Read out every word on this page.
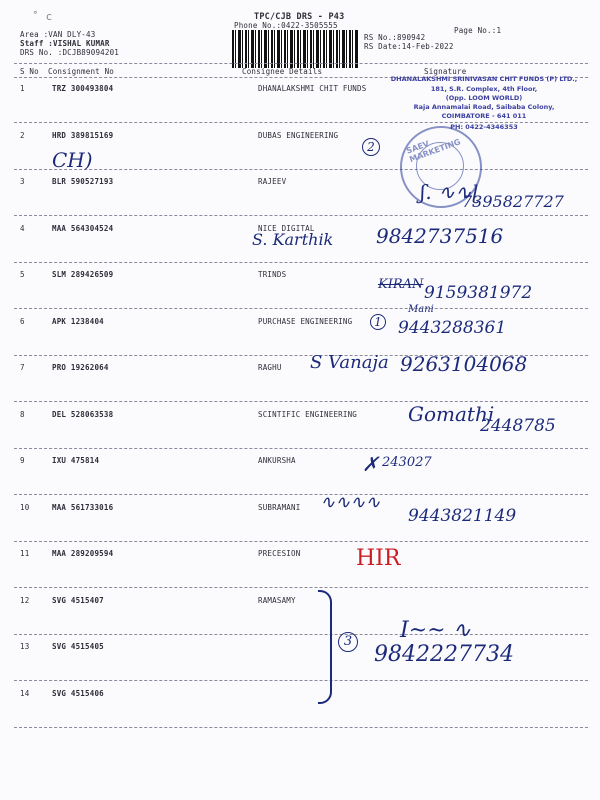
˚ c
Area :VAN DLY-43
Staff :VISHAL KUMAR
DRS No. :DCJB89094201
TPC/CJB DRS - P43
Phone No.:0422-3505555
RS No.:890942
RS Date:14-Feb-2022
Page No.:1
S No Consignment No	Consignee Details	Signature
1	TRZ 300493804	DHANALAKSHMI CHIT FUNDS
2	HRD 389815169	DUBAS ENGINEERING
3	BLR 590527193	RAJEEV
4	MAA 564304524	NICE DIGITAL
5	SLM 289426509	TRINDS
6	APK 1238404	PURCHASE ENGINEERING
7	PRO 19262064	RAGHU
8	DEL 528063538	SCINTIFIC ENGINEERING
9	IXU 475814	ANKURSHA
10	MAA 561733016	SUBRAMANI
11	MAA 289209594	PRECESION
12	SVG 4515407	RAMASAMY
13	SVG 4515405
14	SVG 4515406
DHANALAKSHMI SRINIVASAN CHIT FUNDS (P) LTD.,
181, S.R. Complex, 4th Floor,
(Opp. LOOM WORLD)
Raja Annamalai Road, Saibaba Colony,
COIMBATORE - 641 011
PH: 0422-4346353
SAEV MARKETING
CH)
2
ʃ. ∿∿ɭ
7395827727
S. Karthik 9842737516
KIRAN 9159381972
1
Mani
9443288361
S Vanaja 9263104068
Gomathi
2448785
✗ 243027
∿∿∿∿
9443821149
HIR
3 Ι~~ ∿
9842227734
